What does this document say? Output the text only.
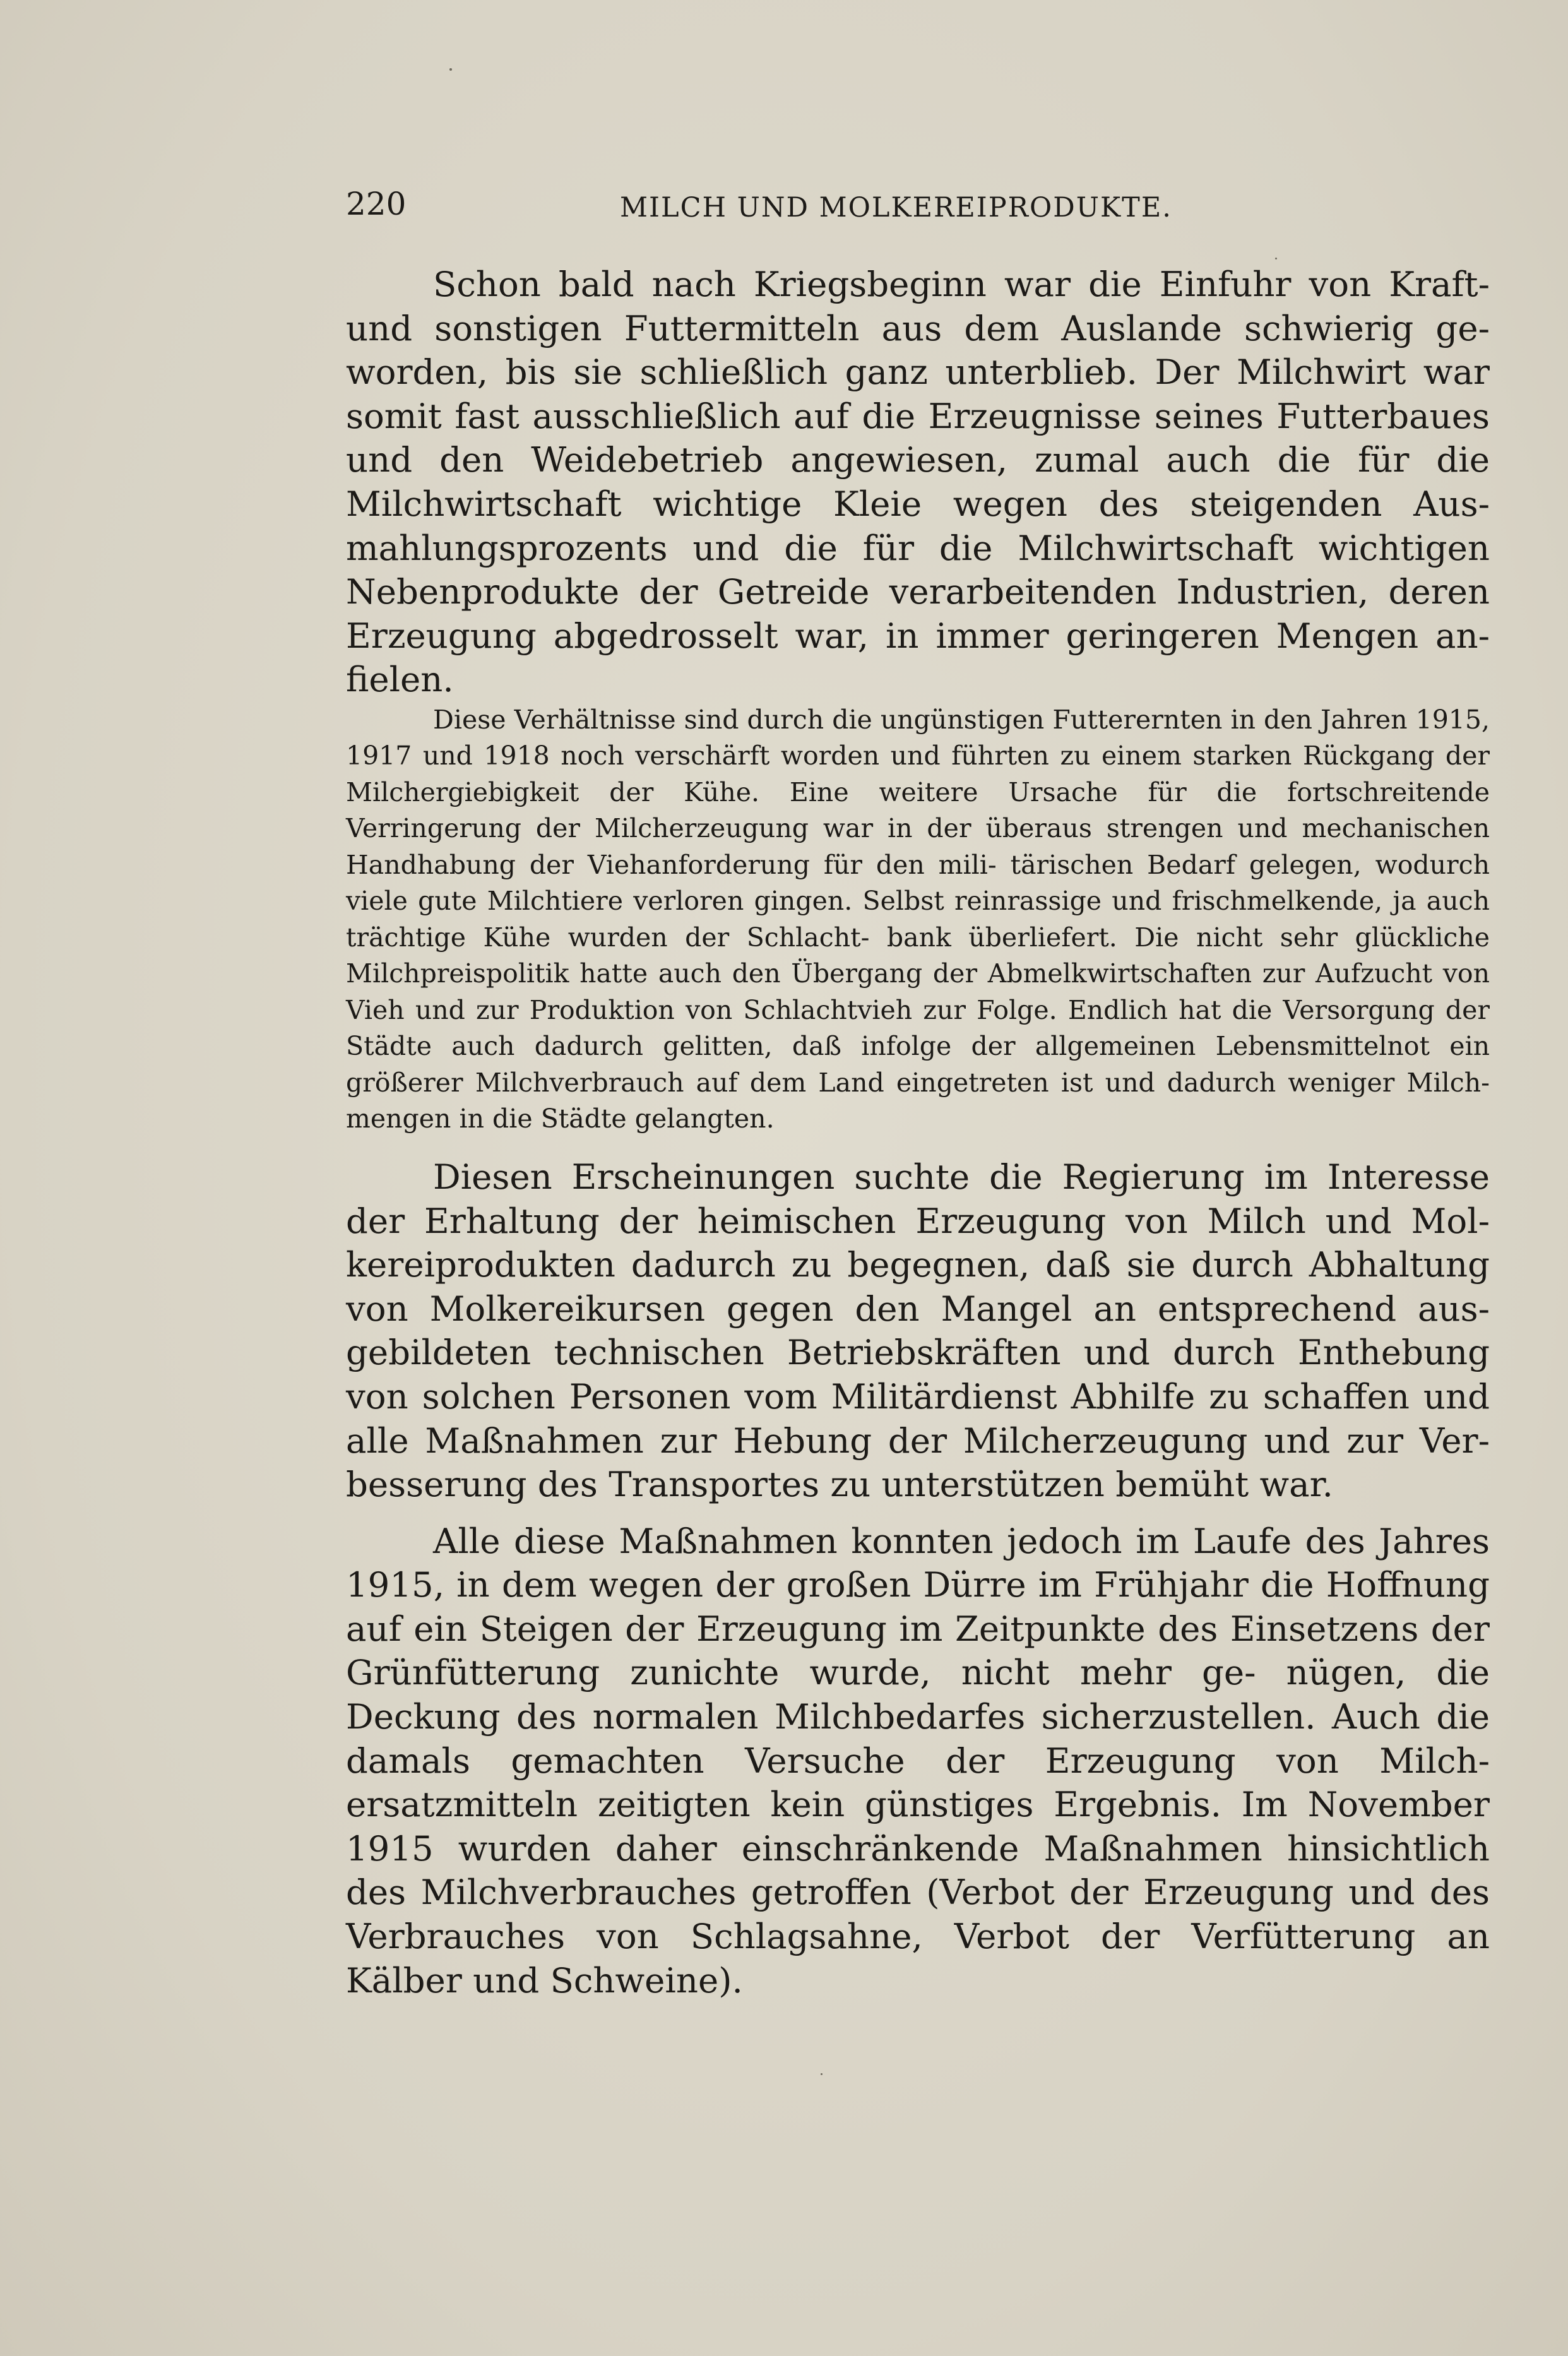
220	MILCH UND MOLKEREIPRODUKTE.

Schon bald nach Kriegsbeginn war die Einfuhr von Kraft- und sonstigen Futtermitteln aus dem Auslande schwierig ge- worden, bis sie schließlich ganz unterblieb. Der Milchwirt war somit fast ausschließlich auf die Erzeugnisse seines Futterbaues und den Weidebetrieb angewiesen, zumal auch die für die Milchwirtschaft wichtige Kleie wegen des steigenden Aus- mahlungsprozents und die für die Milchwirtschaft wichtigen Nebenprodukte der Getreide verarbeitenden Industrien, deren Erzeugung abgedrosselt war, in immer geringeren Mengen an- fielen.

Diese Verhältnisse sind durch die ungünstigen Futterernten in den Jahren 1915, 1917 und 1918 noch verschärft worden und führten zu einem starken Rückgang der Milchergiebigkeit der Kühe. Eine weitere Ursache für die fortschreitende Verringerung der Milcherzeugung war in der überaus strengen und mechanischen Handhabung der Viehanforderung für den mili- tärischen Bedarf gelegen, wodurch viele gute Milchtiere verloren gingen. Selbst reinrassige und frischmelkende, ja auch trächtige Kühe wurden der Schlacht- bank überliefert. Die nicht sehr glückliche Milchpreispolitik hatte auch den Übergang der Abmelkwirtschaften zur Aufzucht von Vieh und zur Produktion von Schlachtvieh zur Folge. Endlich hat die Versorgung der Städte auch dadurch gelitten, daß infolge der allgemeinen Lebensmittelnot ein größerer Milchverbrauch auf dem Land eingetreten ist und dadurch weniger Milch- mengen in die Städte gelangten.

Diesen Erscheinungen suchte die Regierung im Interesse der Erhaltung der heimischen Erzeugung von Milch und Mol- kereiprodukten dadurch zu begegnen, daß sie durch Abhaltung von Molkereikursen gegen den Mangel an entsprechend aus- gebildeten technischen Betriebskräften und durch Enthebung von solchen Personen vom Militärdienst Abhilfe zu schaffen und alle Maßnahmen zur Hebung der Milcherzeugung und zur Ver- besserung des Transportes zu unterstützen bemüht war.

Alle diese Maßnahmen konnten jedoch im Laufe des Jahres 1915, in dem wegen der großen Dürre im Frühjahr die Hoffnung auf ein Steigen der Erzeugung im Zeitpunkte des Einsetzens der Grünfütterung zunichte wurde, nicht mehr ge- nügen, die Deckung des normalen Milchbedarfes sicherzustellen. Auch die damals gemachten Versuche der Erzeugung von Milch- ersatzmitteln zeitigten kein günstiges Ergebnis. Im November 1915 wurden daher einschränkende Maßnahmen hinsichtlich des Milchverbrauches getroffen (Verbot der Erzeugung und des Verbrauches von Schlagsahne, Verbot der Verfütterung an Kälber und Schweine).
